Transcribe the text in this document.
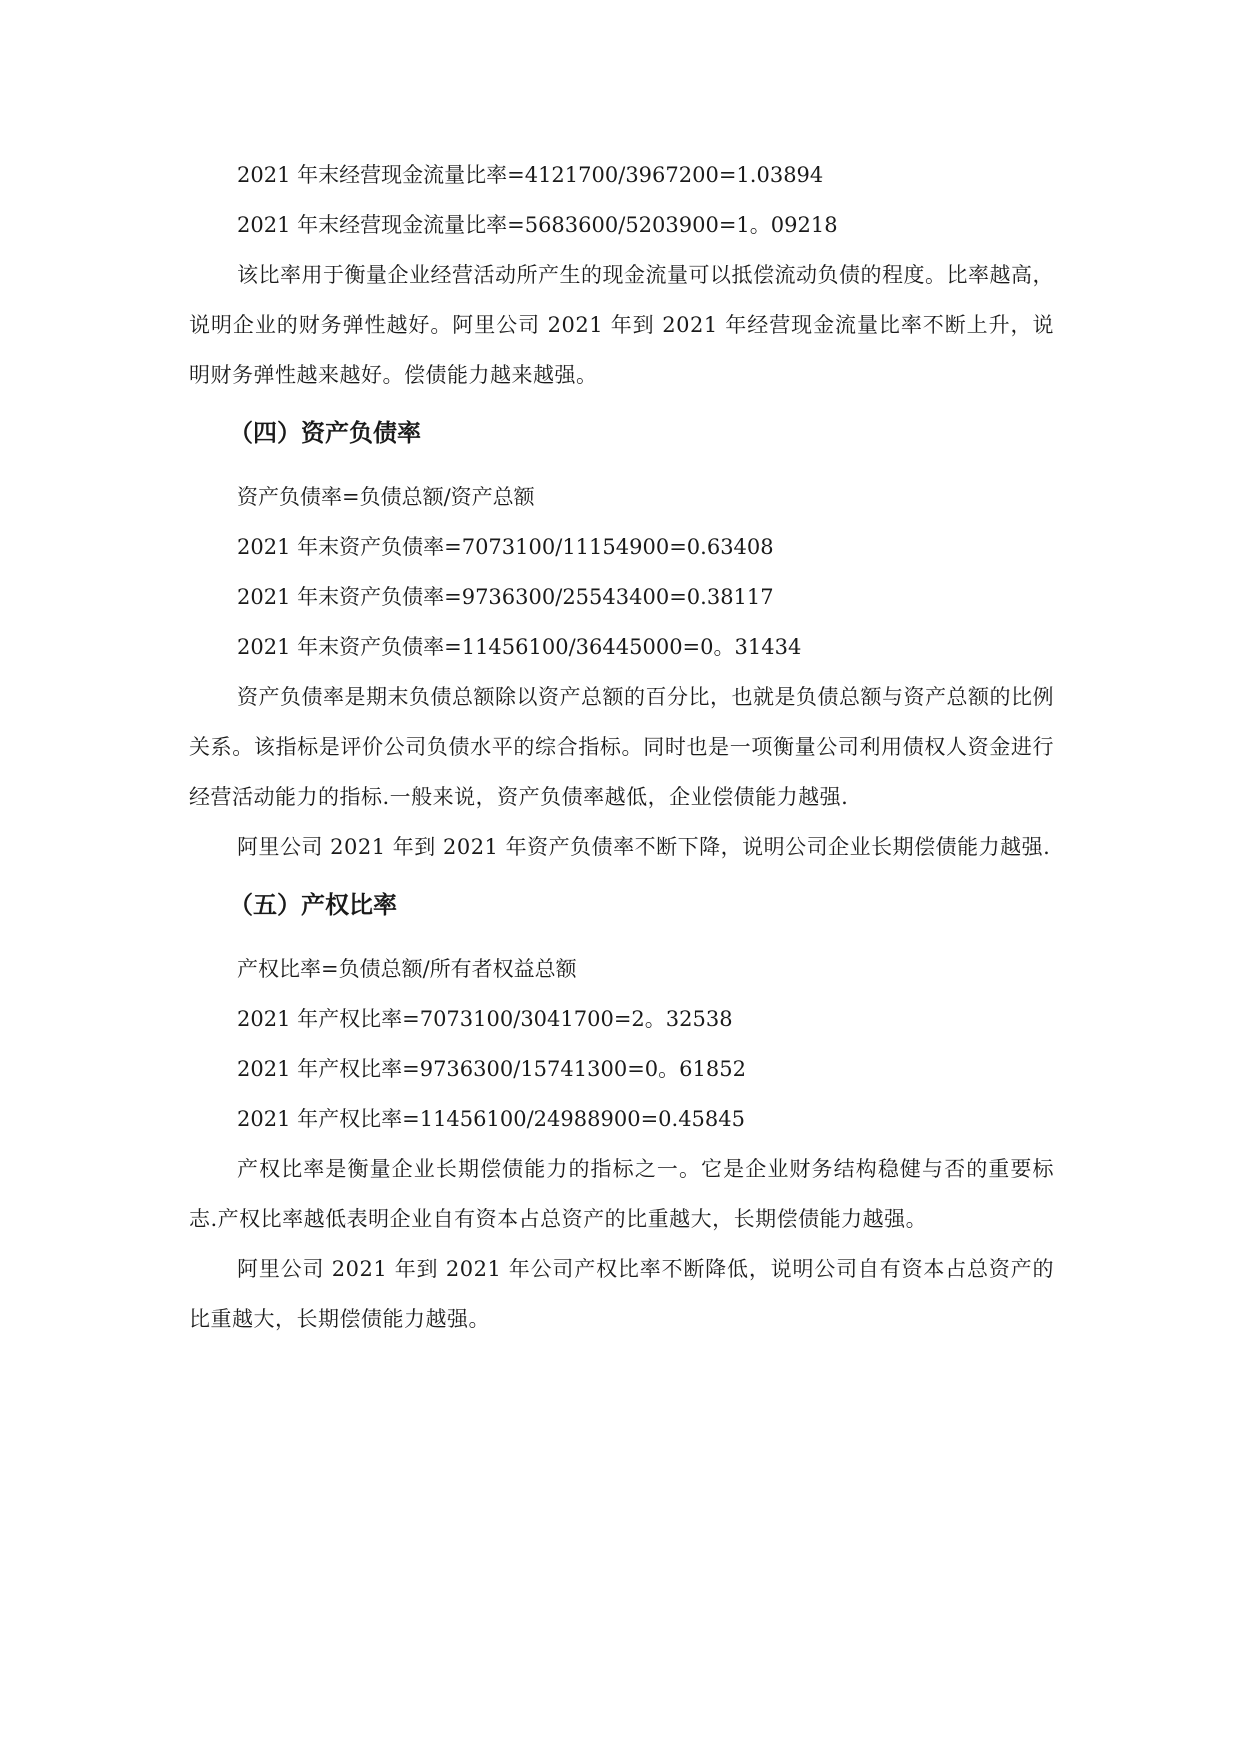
2021 年末经营现金流量比率=4121700/3967200=1.03894

2021 年末经营现金流量比率=5683600/5203900=1。09218

该比率用于衡量企业经营活动所产生的现金流量可以抵偿流动负债的程度。比率越高，说明企业的财务弹性越好。阿里公司 2021 年到 2021 年经营现金流量比率不断上升，说明财务弹性越来越好。偿债能力越来越强。

（四）资产负债率

资产负债率=负债总额/资产总额

2021 年末资产负债率=7073100/11154900=0.63408

2021 年末资产负债率=9736300/25543400=0.38117

2021 年末资产负债率=11456100/36445000=0。31434

资产负债率是期末负债总额除以资产总额的百分比，也就是负债总额与资产总额的比例关系。该指标是评价公司负债水平的综合指标。同时也是一项衡量公司利用债权人资金进行经营活动能力的指标.一般来说，资产负债率越低，企业偿债能力越强.

阿里公司 2021 年到 2021 年资产负债率不断下降，说明公司企业长期偿债能力越强.

（五）产权比率

产权比率=负债总额/所有者权益总额

2021 年产权比率=7073100/3041700=2。32538

2021 年产权比率=9736300/15741300=0。61852

2021 年产权比率=11456100/24988900=0.45845

产权比率是衡量企业长期偿债能力的指标之一。它是企业财务结构稳健与否的重要标志.产权比率越低表明企业自有资本占总资产的比重越大，长期偿债能力越强。

阿里公司 2021 年到 2021 年公司产权比率不断降低，说明公司自有资本占总资产的比重越大，长期偿债能力越强。
